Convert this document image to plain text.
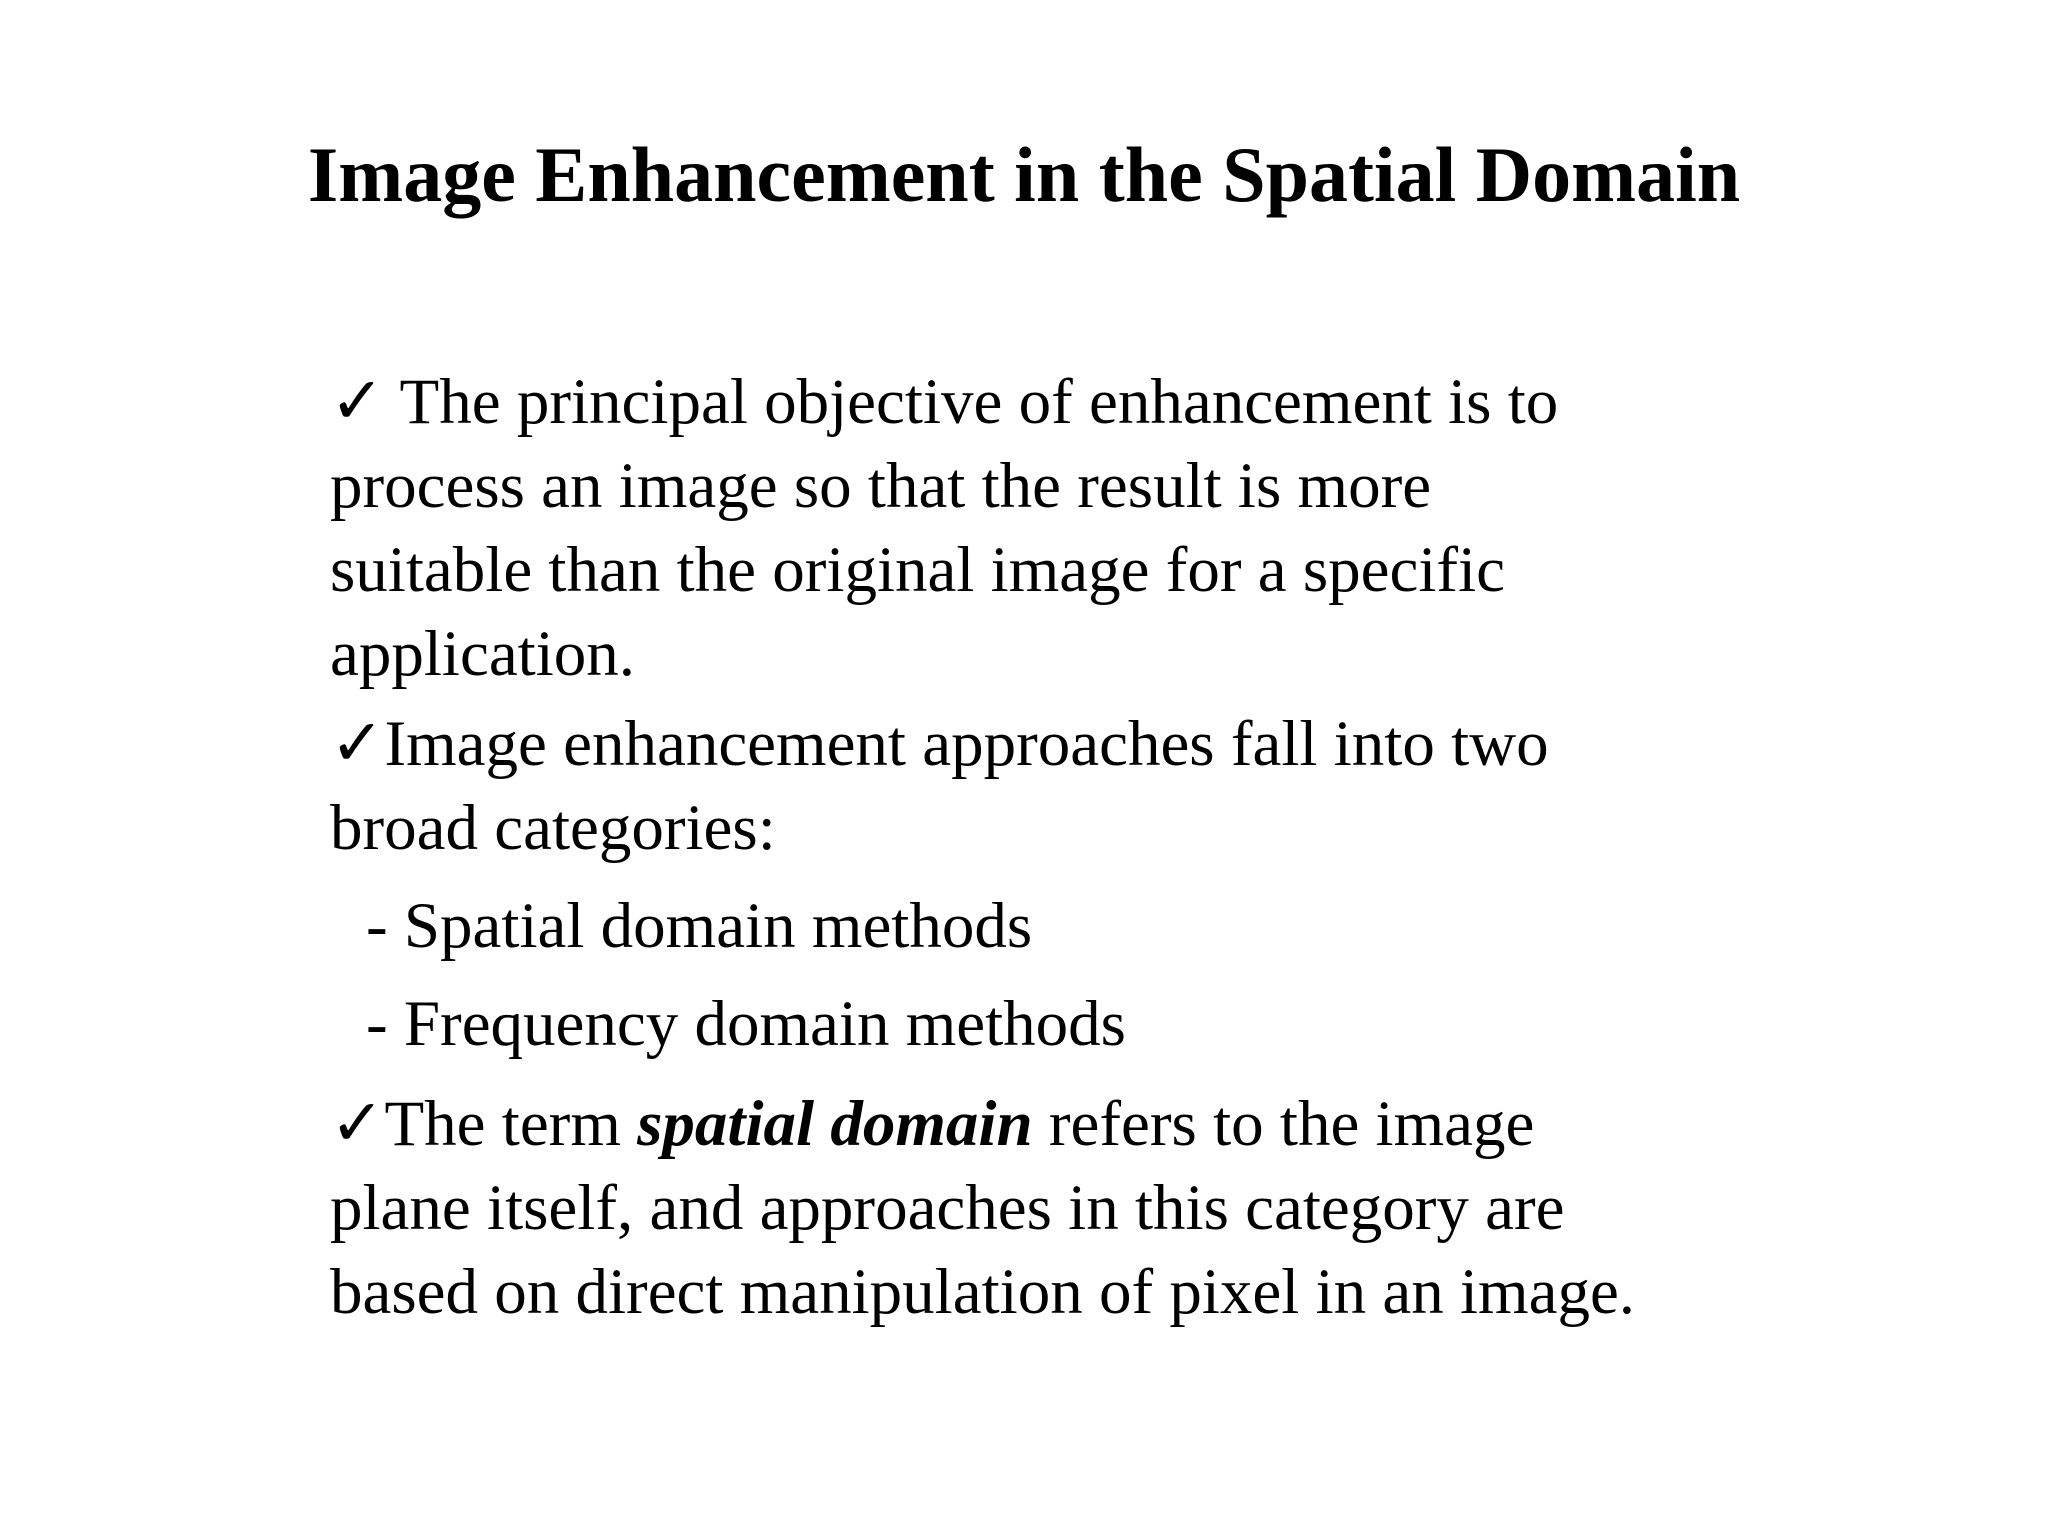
Image Enhancement in the Spatial Domain
✓ The principal objective of enhancement is to
process an image so that the result is more
suitable than the original image for a specific
application.
✓Image enhancement approaches fall into two
broad categories:
- Spatial domain methods
- Frequency domain methods
✓The term spatial domain refers to the image
plane itself, and approaches in this category are
based on direct manipulation of pixel in an image.
